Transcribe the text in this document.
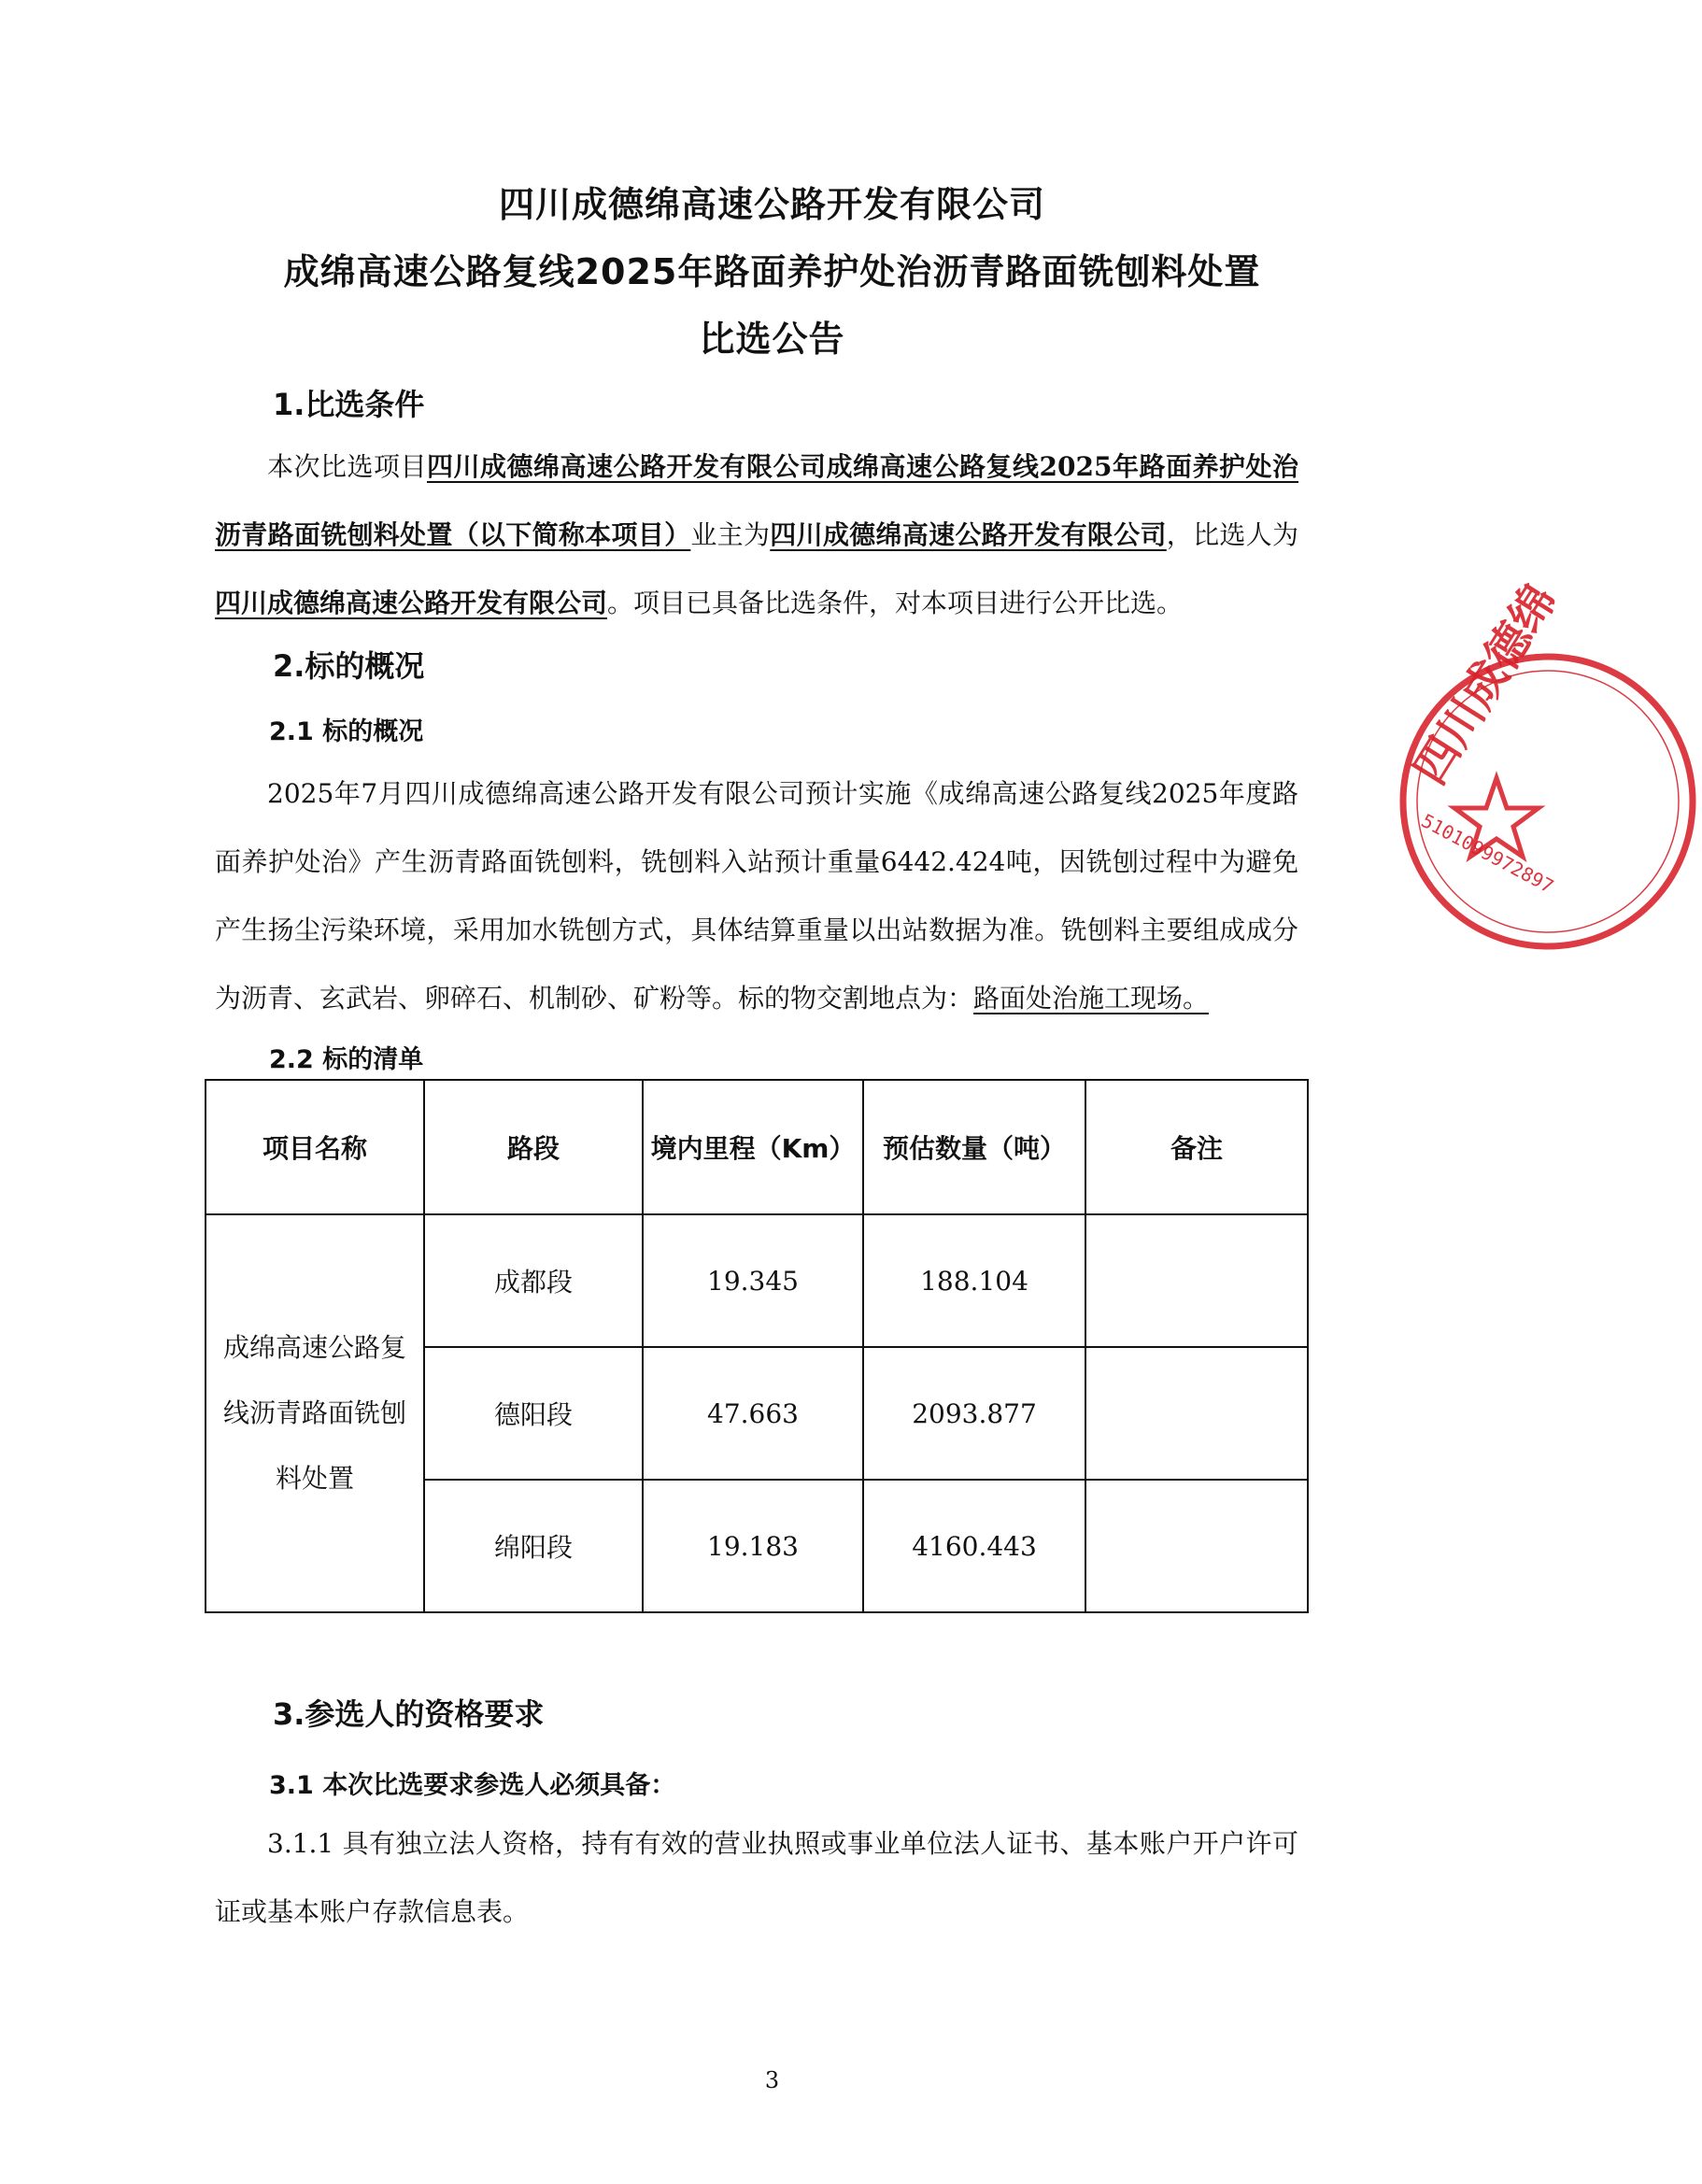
四川成德绵高速公路开发有限公司
成绵高速公路复线2025年路面养护处治沥青路面铣刨料处置
比选公告
1.比选条件
本次比选项目四川成德绵高速公路开发有限公司成绵高速公路复线2025年路面养护处治沥青路面铣刨料处置（以下简称本项目）业主为四川成德绵高速公路开发有限公司，比选人为四川成德绵高速公路开发有限公司。项目已具备比选条件，对本项目进行公开比选。
2.标的概况
2.1 标的概况
2025年7月四川成德绵高速公路开发有限公司预计实施《成绵高速公路复线2025年度路面养护处治》产生沥青路面铣刨料，铣刨料入站预计重量6442.424吨，因铣刨过程中为避免产生扬尘污染环境，采用加水铣刨方式，具体结算重量以出站数据为准。铣刨料主要组成成分为沥青、玄武岩、卵碎石、机制砂、矿粉等。标的物交割地点为：路面处治施工现场。
2.2 标的清单
项目名称	路段	境内里程（Km）	预估数量（吨）	备注
成绵高速公路复线沥青路面铣刨料处置	成都段	19.345	188.104	
	德阳段	47.663	2093.877	
	绵阳段	19.183	4160.443	
3.参选人的资格要求
3.1 本次比选要求参选人必须具备：
3.1.1 具有独立法人资格，持有有效的营业执照或事业单位法人证书、基本账户开户许可证或基本账户存款信息表。
3
四川成德绵
5101099972897
